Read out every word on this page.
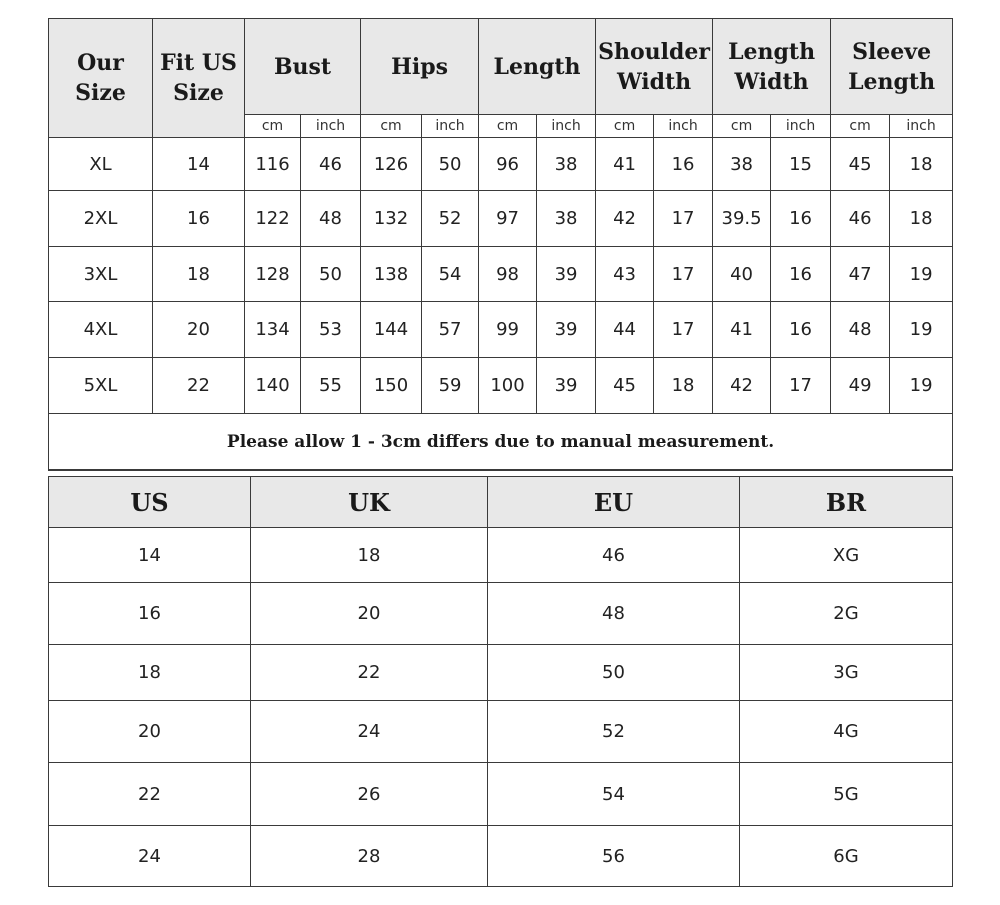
Our Size	Fit US Size	Bust		Hips		Length		Shoulder Width		Length Width		Sleeve Length	
		cm	inch	cm	inch	cm	inch	cm	inch	cm	inch	cm	inch
XL	14	116	46	126	50	96	38	41	16	38	15	45	18
2XL	16	122	48	132	52	97	38	42	17	39.5	16	46	18
3XL	18	128	50	138	54	98	39	43	17	40	16	47	19
4XL	20	134	53	144	57	99	39	44	17	41	16	48	19
5XL	22	140	55	150	59	100	39	45	18	42	17	49	19
Please allow 1 - 3cm differs due to manual measurement.													
US	UK	EU	BR
14	18	46	XG
16	20	48	2G
18	22	50	3G
20	24	52	4G
22	26	54	5G
24	28	56	6G
